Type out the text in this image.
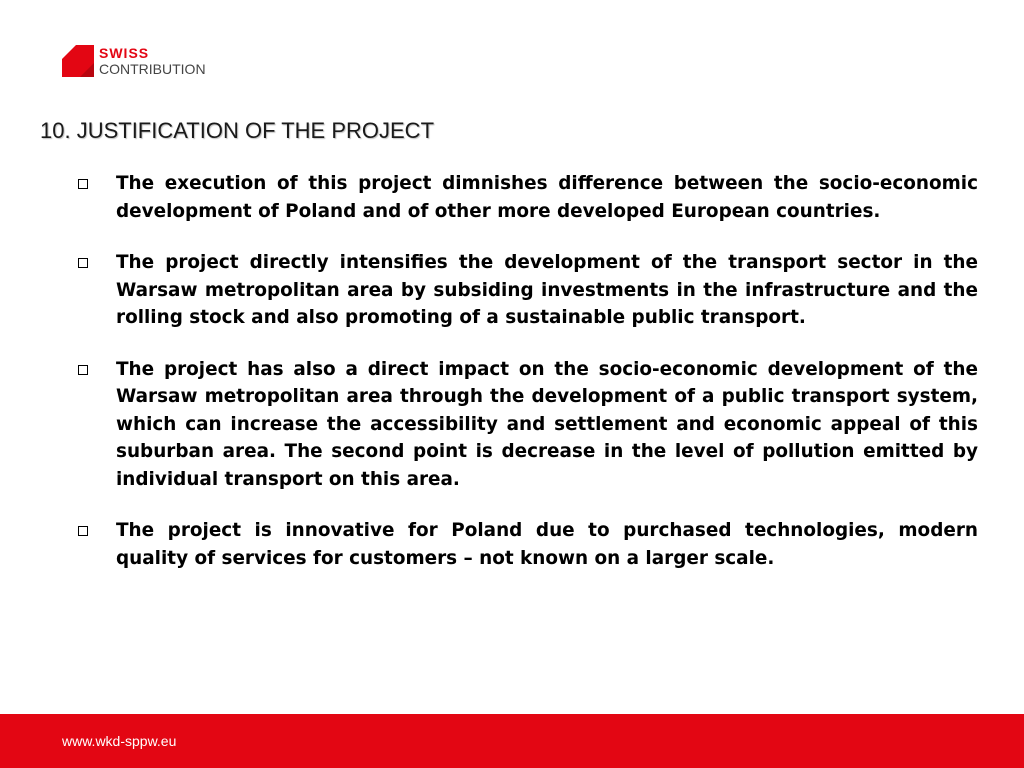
SWISS
CONTRIBUTION
10. JUSTIFICATION OF THE PROJECT
The execution of this project dimnishes difference between the socio-economic development of Poland and of other more developed European countries.
The project directly intensifies the development of the transport sector in the Warsaw metropolitan area by subsiding investments in the infrastructure and the rolling stock and also promoting of a sustainable public transport.
The project has also a direct impact on the socio-economic development of the Warsaw metropolitan area through the development of a public transport system, which can increase the accessibility and settlement and economic appeal of this suburban area. The second point is decrease in the level of pollution emitted by individual transport on this area.
The project is innovative for Poland due to purchased technologies, modern quality of services for customers – not known on a larger scale.
www.wkd-sppw.eu
